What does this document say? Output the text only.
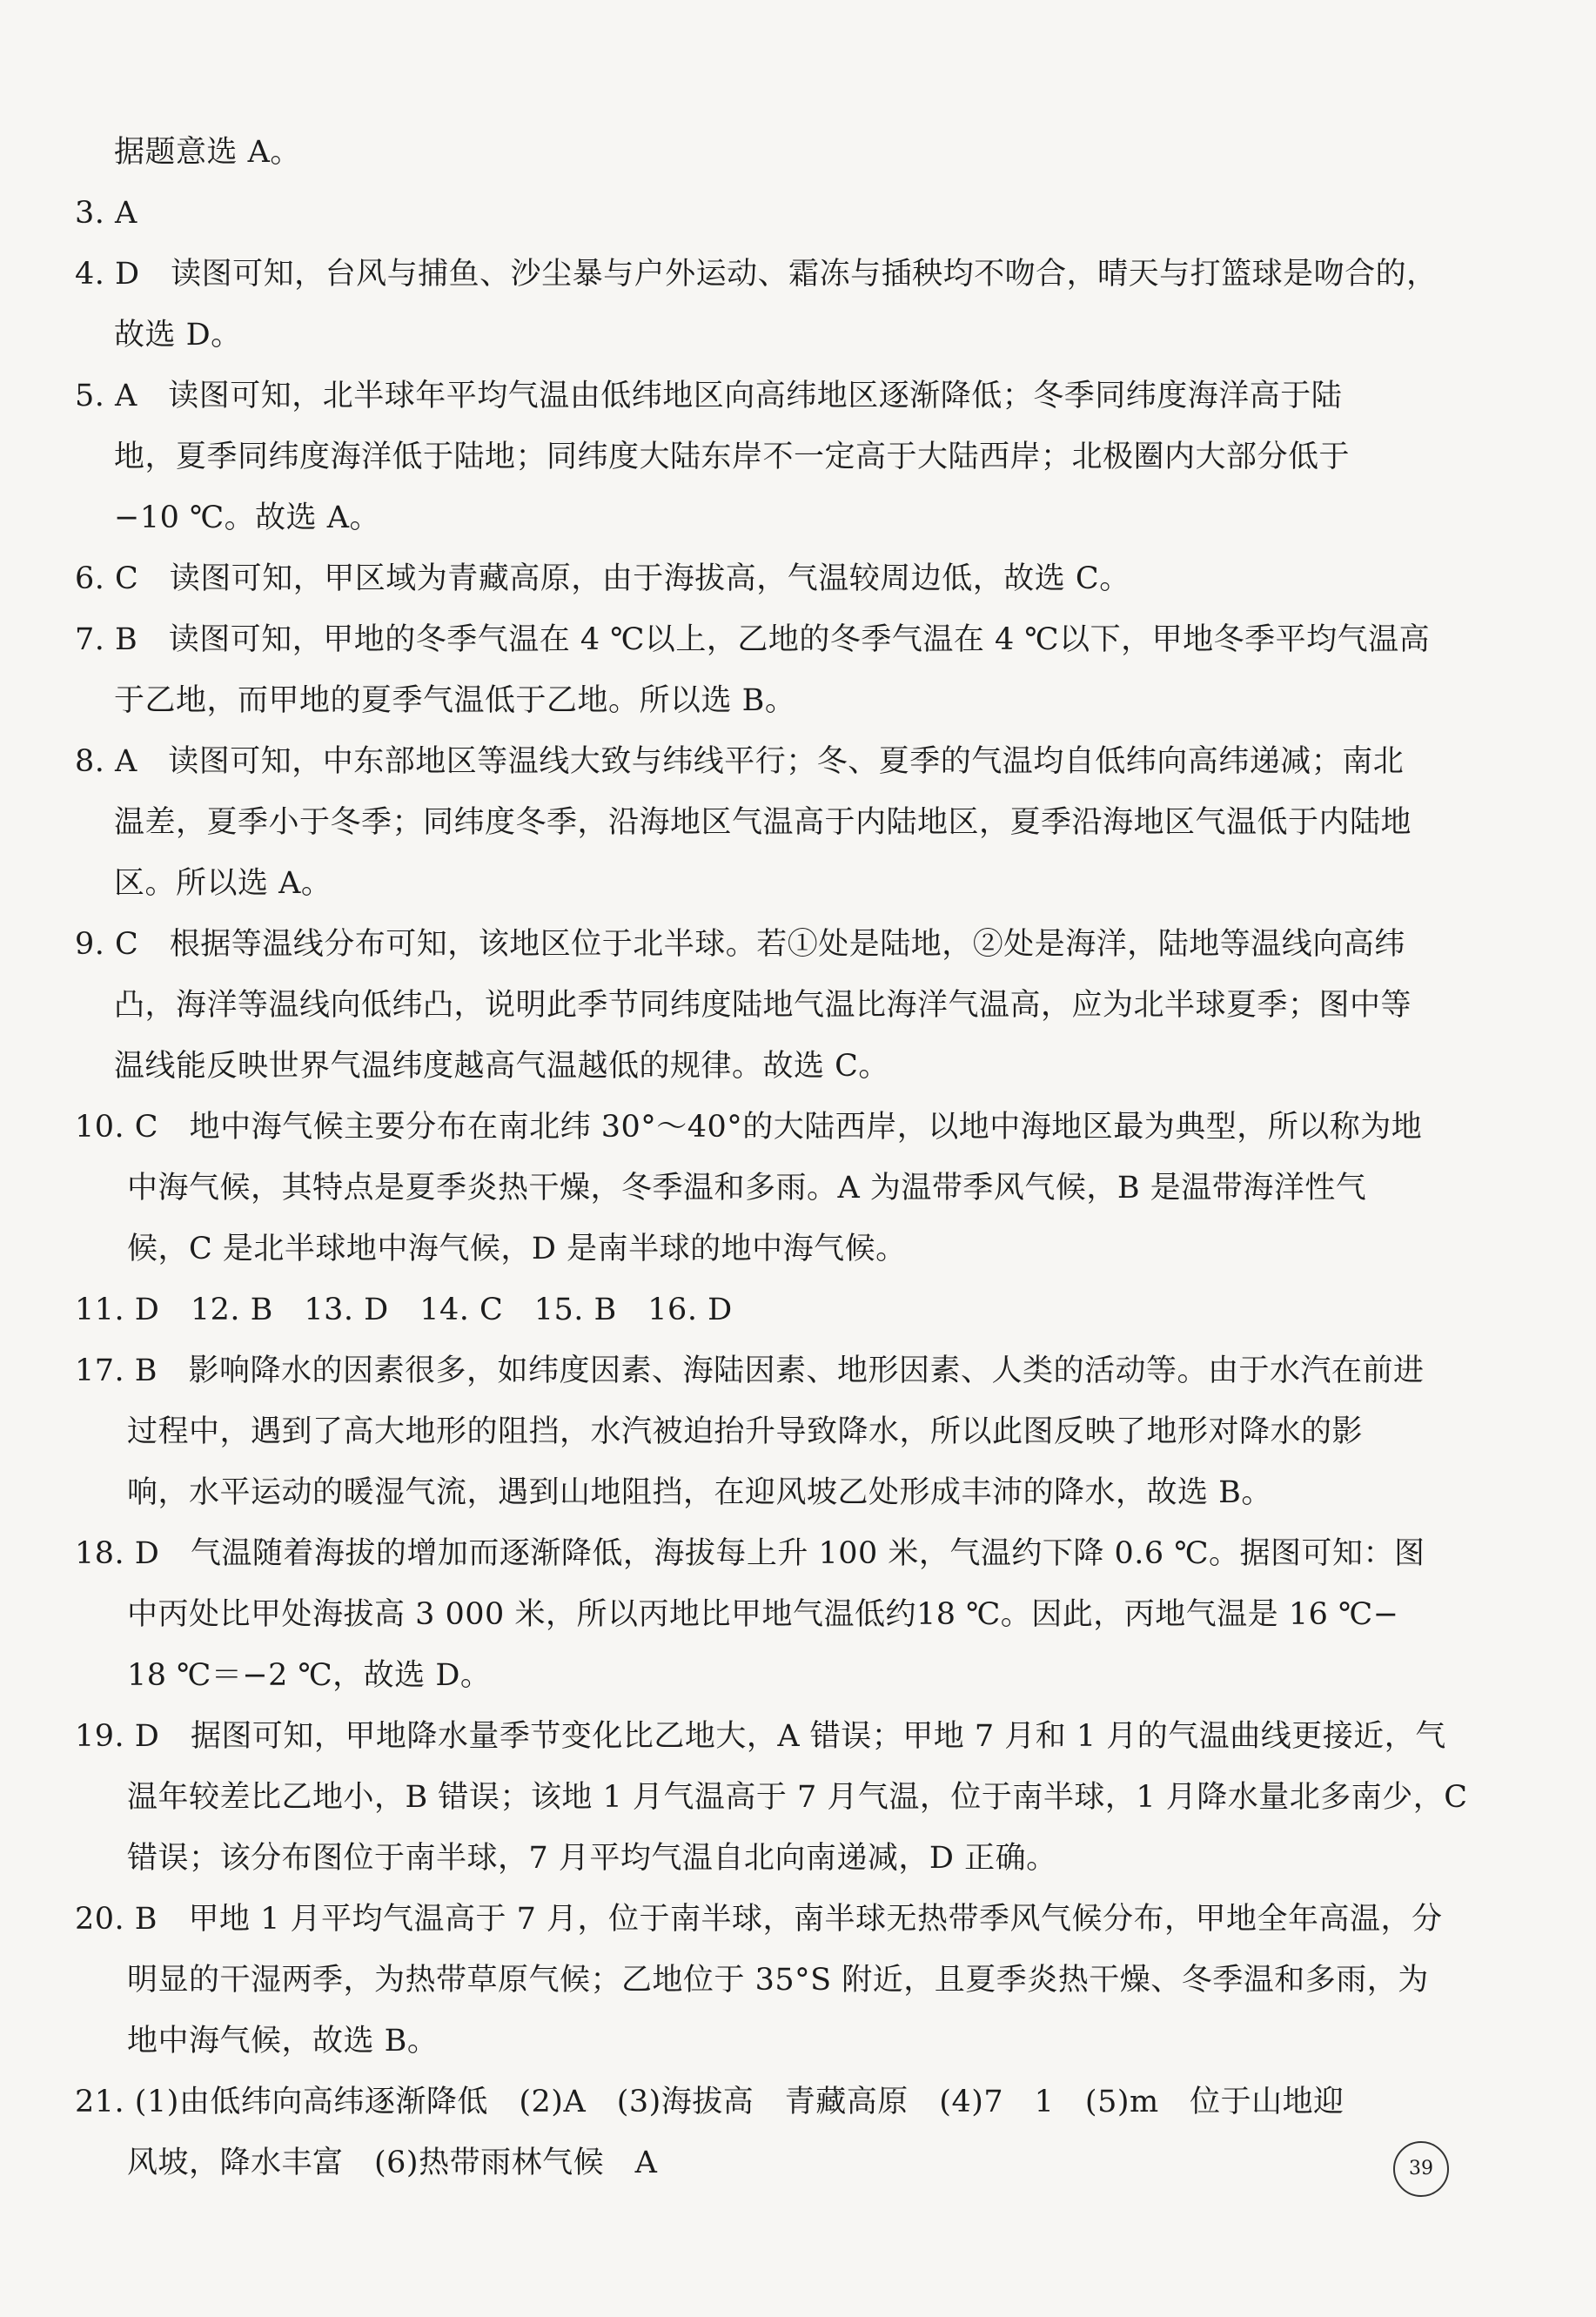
据题意选 A。
3. A
4. D　读图可知，台风与捕鱼、沙尘暴与户外运动、霜冻与插秧均不吻合，晴天与打篮球是吻合的，
故选 D。
5. A　读图可知，北半球年平均气温由低纬地区向高纬地区逐渐降低；冬季同纬度海洋高于陆
地，夏季同纬度海洋低于陆地；同纬度大陆东岸不一定高于大陆西岸；北极圈内大部分低于
−10 ℃。故选 A。
6. C　读图可知，甲区域为青藏高原，由于海拔高，气温较周边低，故选 C。
7. B　读图可知，甲地的冬季气温在 4 ℃以上，乙地的冬季气温在 4 ℃以下，甲地冬季平均气温高
于乙地，而甲地的夏季气温低于乙地。所以选 B。
8. A　读图可知，中东部地区等温线大致与纬线平行；冬、夏季的气温均自低纬向高纬递减；南北
温差，夏季小于冬季；同纬度冬季，沿海地区气温高于内陆地区，夏季沿海地区气温低于内陆地
区。所以选 A。
9. C　根据等温线分布可知，该地区位于北半球。若①处是陆地，②处是海洋，陆地等温线向高纬
凸，海洋等温线向低纬凸，说明此季节同纬度陆地气温比海洋气温高，应为北半球夏季；图中等
温线能反映世界气温纬度越高气温越低的规律。故选 C。
10. C　地中海气候主要分布在南北纬 30°～40°的大陆西岸，以地中海地区最为典型，所以称为地
中海气候，其特点是夏季炎热干燥，冬季温和多雨。A 为温带季风气候，B 是温带海洋性气
候，C 是北半球地中海气候，D 是南半球的地中海气候。
11. D　12. B　13. D　14. C　15. B　16. D
17. B　影响降水的因素很多，如纬度因素、海陆因素、地形因素、人类的活动等。由于水汽在前进
过程中，遇到了高大地形的阻挡，水汽被迫抬升导致降水，所以此图反映了地形对降水的影
响，水平运动的暖湿气流，遇到山地阻挡，在迎风坡乙处形成丰沛的降水，故选 B。
18. D　气温随着海拔的增加而逐渐降低，海拔每上升 100 米，气温约下降 0.6 ℃。据图可知：图
中丙处比甲处海拔高 3 000 米，所以丙地比甲地气温低约18 ℃。因此，丙地气温是 16 ℃−
18 ℃＝−2 ℃，故选 D。
19. D　据图可知，甲地降水量季节变化比乙地大，A 错误；甲地 7 月和 1 月的气温曲线更接近，气
温年较差比乙地小，B 错误；该地 1 月气温高于 7 月气温，位于南半球，1 月降水量北多南少，C
错误；该分布图位于南半球，7 月平均气温自北向南递减，D 正确。
20. B　甲地 1 月平均气温高于 7 月，位于南半球，南半球无热带季风气候分布，甲地全年高温，分
明显的干湿两季，为热带草原气候；乙地位于 35°S 附近，且夏季炎热干燥、冬季温和多雨，为
地中海气候，故选 B。
21. (1)由低纬向高纬逐渐降低　(2)A　(3)海拔高　青藏高原　(4)7　1　(5)m　位于山地迎
风坡，降水丰富　(6)热带雨林气候　A	39
